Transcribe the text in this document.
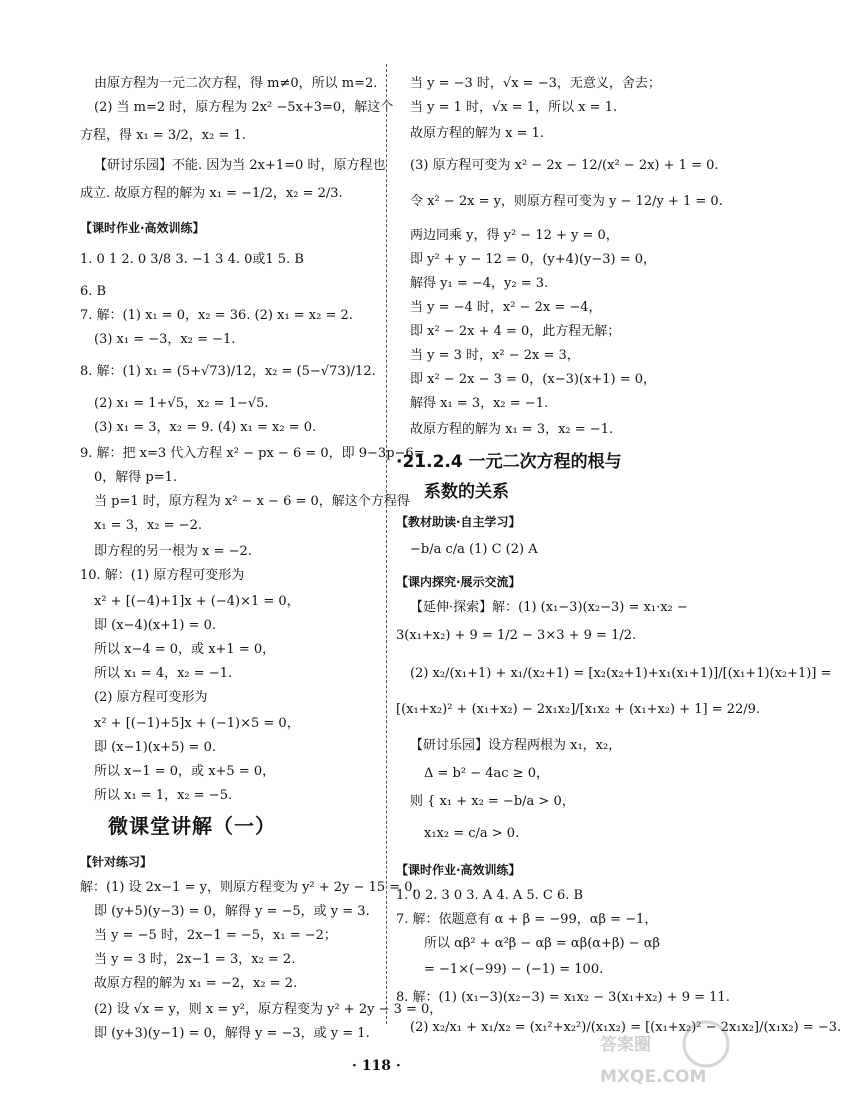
由原方程为一元二次方程，得 m≠0，所以 m=2.
(2) 当 m=2 时，原方程为 2x² −5x+3=0，解这个
方程，得 x₁ = 3/2，x₂ = 1.
【研讨乐园】不能. 因为当 2x+1=0 时，原方程也
成立. 故原方程的解为 x₁ = −1/2，x₂ = 2/3.
【课时作业·高效训练】
1. 0 1 2. 0 3/8 3. −1 3 4. 0或1 5. B
6. B
7. 解：(1) x₁ = 0，x₂ = 36. (2) x₁ = x₂ = 2.
(3) x₁ = −3，x₂ = −1.
8. 解：(1) x₁ = (5+√73)/12，x₂ = (5−√73)/12.
(2) x₁ = 1+√5，x₂ = 1−√5.
(3) x₁ = 3，x₂ = 9. (4) x₁ = x₂ = 0.
9. 解：把 x=3 代入方程 x² − px − 6 = 0，即 9−3p−6=
0，解得 p=1.
当 p=1 时，原方程为 x² − x − 6 = 0，解这个方程得
x₁ = 3，x₂ = −2.
即方程的另一根为 x = −2.
10. 解：(1) 原方程可变形为
x² + [(−4)+1]x + (−4)×1 = 0，
即 (x−4)(x+1) = 0.
所以 x−4 = 0，或 x+1 = 0，
所以 x₁ = 4，x₂ = −1.
(2) 原方程可变形为
x² + [(−1)+5]x + (−1)×5 = 0，
即 (x−1)(x+5) = 0.
所以 x−1 = 0，或 x+5 = 0，
所以 x₁ = 1，x₂ = −5.
微课堂讲解（一）
【针对练习】
解：(1) 设 2x−1 = y，则原方程变为 y² + 2y − 15 = 0，
即 (y+5)(y−3) = 0，解得 y = −5，或 y = 3.
当 y = −5 时，2x−1 = −5，x₁ = −2；
当 y = 3 时，2x−1 = 3，x₂ = 2.
故原方程的解为 x₁ = −2，x₂ = 2.
(2) 设 √x = y，则 x = y²，原方程变为 y² + 2y − 3 = 0，
即 (y+3)(y−1) = 0，解得 y = −3，或 y = 1.
当 y = −3 时，√x = −3，无意义，舍去；
当 y = 1 时，√x = 1，所以 x = 1.
故原方程的解为 x = 1.
(3) 原方程可变为 x² − 2x − 12/(x² − 2x) + 1 = 0.
令 x² − 2x = y，则原方程可变为 y − 12/y + 1 = 0.
两边同乘 y，得 y² − 12 + y = 0，
即 y² + y − 12 = 0，(y+4)(y−3) = 0，
解得 y₁ = −4，y₂ = 3.
当 y = −4 时，x² − 2x = −4，
即 x² − 2x + 4 = 0，此方程无解；
当 y = 3 时，x² − 2x = 3，
即 x² − 2x − 3 = 0，(x−3)(x+1) = 0，
解得 x₁ = 3，x₂ = −1.
故原方程的解为 x₁ = 3，x₂ = −1.
·21.2.4 一元二次方程的根与
系数的关系
【教材助读·自主学习】
−b/a c/a (1) C (2) A
【课内探究·展示交流】
【延伸·探索】解：(1) (x₁−3)(x₂−3) = x₁·x₂ −
3(x₁+x₂) + 9 = 1/2 − 3×3 + 9 = 1/2.
(2) x₂/(x₁+1) + x₁/(x₂+1) = [x₂(x₂+1)+x₁(x₁+1)]/[(x₁+1)(x₂+1)] =
[(x₁+x₂)² + (x₁+x₂) − 2x₁x₂]/[x₁x₂ + (x₁+x₂) + 1] = 22/9.
【研讨乐园】设方程两根为 x₁，x₂，
Δ = b² − 4ac ≥ 0，
则 { x₁ + x₂ = −b/a > 0，
x₁x₂ = c/a > 0.
【课时作业·高效训练】
1. 0 2. 3 0 3. A 4. A 5. C 6. B
7. 解：依题意有 α + β = −99，αβ = −1，
所以 αβ² + α²β − αβ = αβ(α+β) − αβ
= −1×(−99) − (−1) = 100.
8. 解：(1) (x₁−3)(x₂−3) = x₁x₂ − 3(x₁+x₂) + 9 = 11.
(2) x₂/x₁ + x₁/x₂ = (x₁²+x₂²)/(x₁x₂) = [(x₁+x₂)² − 2x₁x₂]/(x₁x₂) = −3.
· 118 ·
答案圈
MXQE.COM
